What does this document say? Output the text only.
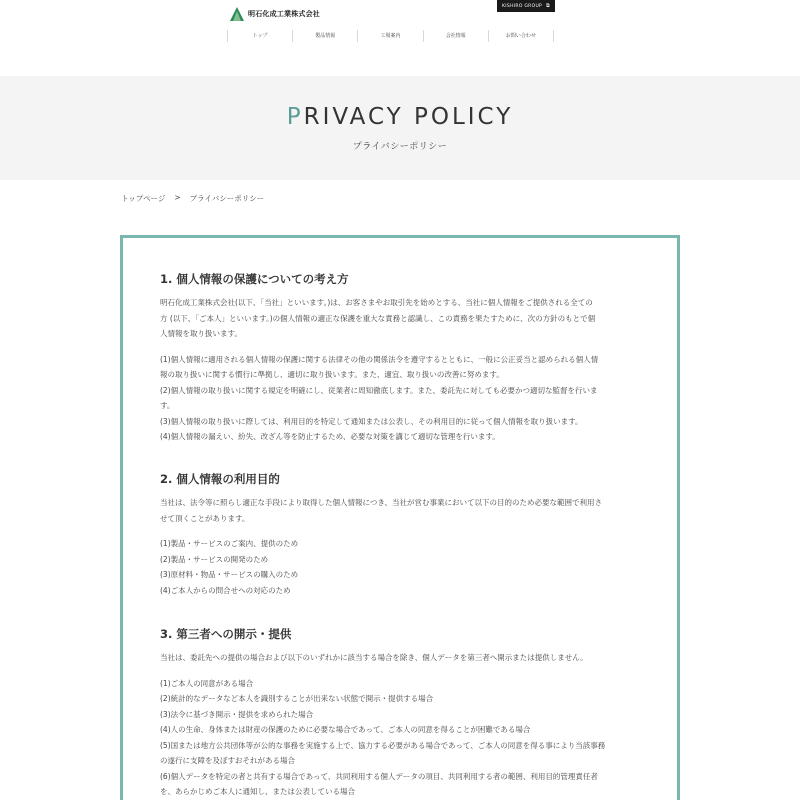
明石化成工業株式会社
KISHIRO GROUP ⧉
トップ	製品情報	工場案内	会社情報	お問い合わせ
PRIVACY POLICY
プライバシーポリシー
トップページ > プライバシーポリシー
1. 個人情報の保護についての考え方

明石化成工業株式会社(以下、「当社」といいます。)は、お客さまやお取引先を始めとする、当社に個人情報をご提供される全ての

方 (以下、「ご本人」といいます。)の個人情報の適正な保護を重大な責務と認識し、この責務を果たすために、次の方針のもとで個

人情報を取り扱います。

(1)個人情報に適用される個人情報の保護に関する法律その他の関係法令を遵守するとともに、一般に公正妥当と認められる個人情
報の取り扱いに関する慣行に準拠し、適切に取り扱います。また、適宜、取り扱いの改善に努めます。
(2)個人情報の取り扱いに関する規定を明確にし、従業者に周知徹底します。また、委託先に対しても必要かつ適切な監督を行いま
す。
(3)個人情報の取り扱いに際しては、利用目的を特定して通知または公表し、その利用目的に従って個人情報を取り扱います。
(4)個人情報の漏えい、紛失、改ざん等を防止するため、必要な対策を講じて適切な管理を行います。
2. 個人情報の利用目的

当社は、法令等に照らし適正な手段により取得した個人情報につき、当社が営む事業において以下の目的のため必要な範囲で利用さ

せて頂くことがあります。

(1)製品・サービスのご案内、提供のため
(2)製品・サービスの開発のため
(3)原材料・物品・サービスの購入のため
(4)ご本人からの問合せへの対応のため
3. 第三者への開示・提供

当社は、委託先への提供の場合および以下のいずれかに該当する場合を除き、個人データを第三者へ開示または提供しません。

(1)ご本人の同意がある場合
(2)統計的なデータなど本人を識別することが出来ない状態で開示・提供する場合
(3)法令に基づき開示・提供を求められた場合
(4)人の生命、身体または財産の保護のために必要な場合であって、ご本人の同意を得ることが困難である場合
(5)国または地方公共団体等が公的な事務を実施する上で、協力する必要がある場合であって、ご本人の同意を得る事により当該事務
の遂行に支障を及ぼすおそれがある場合
(6)個人データを特定の者と共有する場合であって、共同利用する個人データの項目、共同利用する者の範囲、利用目的管理責任者
を、あらかじめご本人に通知し、または公表している場合
